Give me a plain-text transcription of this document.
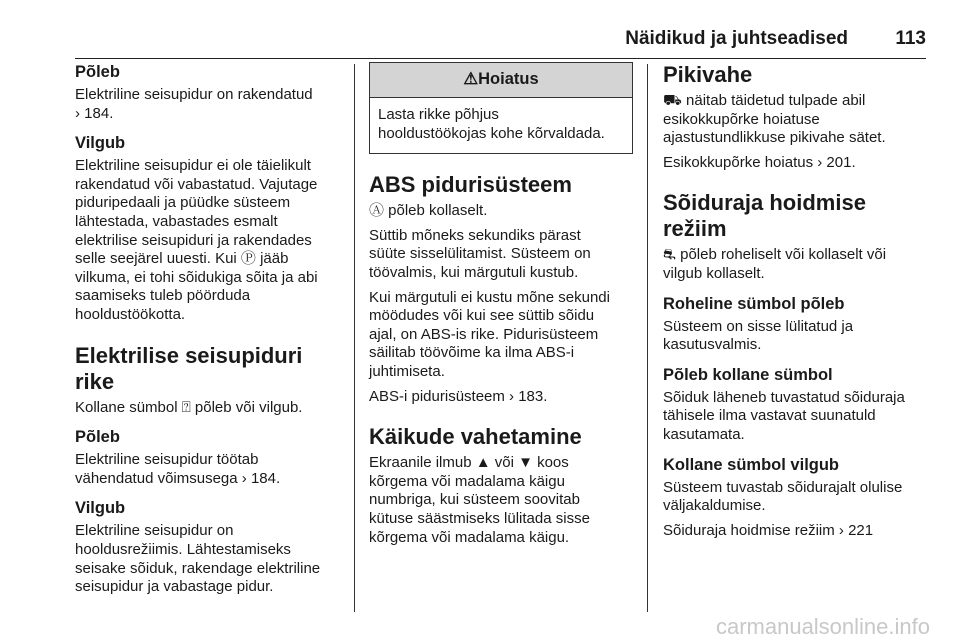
Näidikud ja juhtseadised 113
Põleb
Elektriline seisupidur on rakendatud
› 184.
Vilgub
Elektriline seisupidur ei ole täielikult
rakendatud või vabastatud. Vajutage
piduripedaali ja püüdke süsteem
lähtestada, vabastades esmalt
elektrilise seisupiduri ja rakendades
selle seejärel uuesti. Kui Ⓟ jääb
vilkuma, ei tohi sõidukiga sõita ja abi
saamiseks tuleb pöörduda
hooldustöökotta.
Elektrilise seisupiduri rike
Kollane sümbol ⍰ põleb või vilgub.
Põleb
Elektriline seisupidur töötab
vähendatud võimsusega › 184.
Vilgub
Elektriline seisupidur on
hooldusrežiimis. Lähtestamiseks
seisake sõiduk, rakendage elektriline
seisupidur ja vabastage pidur.
⚠Hoiatus
Lasta rikke põhjus
hooldustöökojas kohe kõrvaldada.
ABS pidurisüsteem
Ⓐ põleb kollaselt.
Süttib mõneks sekundiks pärast
süüte sisselülitamist. Süsteem on
töövalmis, kui märgutuli kustub.
Kui märgutuli ei kustu mõne sekundi
möödudes või kui see süttib sõidu
ajal, on ABS-is rike. Pidurisüsteem
säilitab töövõime ka ilma ABS-i
juhtimiseta.
ABS-i pidurisüsteem › 183.
Käikude vahetamine
Ekraanile ilmub ▲ või ▼ koos
kõrgema või madalama käigu
numbriga, kui süsteem soovitab
kütuse säästmiseks lülitada sisse
kõrgema või madalama käigu.
Pikivahe
⛟ näitab täidetud tulpade abil
esikokkupõrke hoiatuse
ajastustundlikkuse pikivahe sätet.
Esikokkupõrke hoiatus › 201.
Sõiduraja hoidmise režiim
⛐ põleb roheliselt või kollaselt või
vilgub kollaselt.
Roheline sümbol põleb
Süsteem on sisse lülitatud ja
kasutusvalmis.
Põleb kollane sümbol
Sõiduk läheneb tuvastatud sõiduraja
tähisele ilma vastavat suunatuld
kasutamata.
Kollane sümbol vilgub
Süsteem tuvastab sõidurajalt olulise
väljakaldumise.
Sõiduraja hoidmise režiim › 221
carmanualsonline.info
